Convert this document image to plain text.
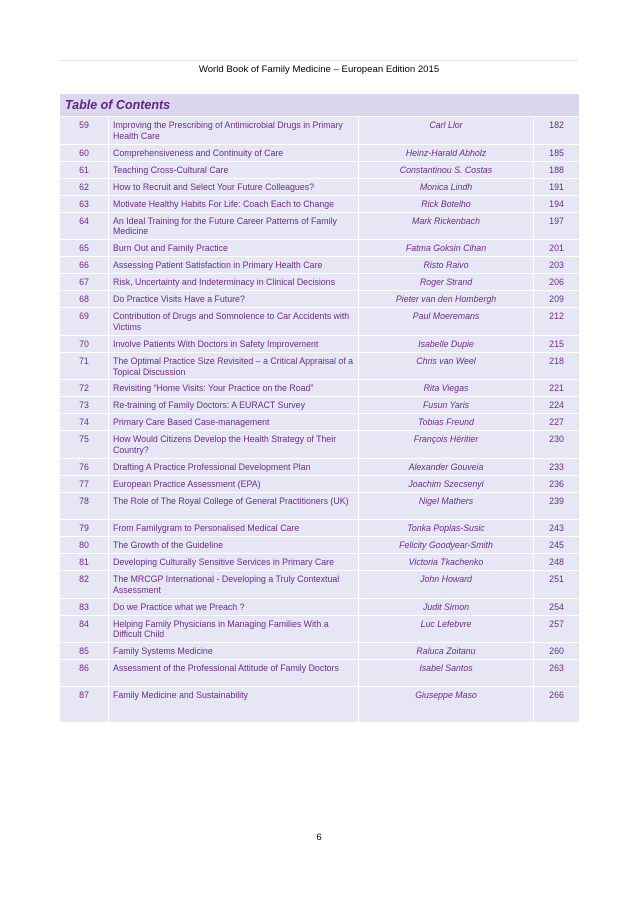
World Book of Family Medicine – European Edition 2015
Table of Contents			
59	Improving the Prescribing of Antimicrobial Drugs in Primary Health Care	Carl Llor	182
60	Comprehensiveness and Continuity of Care	Heinz-Harald Abholz	185
61	Teaching Cross-Cultural Care	Constantinou S. Costas	188
62	How to Recruit and Select Your Future Colleagues?	Monica Lindh	191
63	Motivate Healthy Habits For Life: Coach Each to Change	Rick Botelho	194
64	An Ideal Training for the Future Career Patterns of Family Medicine	Mark Rickenbach	197
65	Burn Out and Family Practice	Fatma Goksin Cihan	201
66	Assessing Patient Satisfaction in Primary Health Care	Risto Raivo	203
67	Risk, Uncertainty and Indeterminacy in Clinical Decisions	Roger Strand	206
68	Do Practice Visits Have a Future?	Pieter van den Hombergh	209
69	Contribution of Drugs and Somnolence to Car Accidents with Victims	Paul Moeremans	212
70	Involve Patients With Doctors in Safety Improvement	Isabelle Dupie	215
71	The Optimal Practice Size Revisited – a Critical Appraisal of a Topical Discussion	Chris van Weel	218
72	Revisiting “Home Visits: Your Practice on the Road”	Rita Viegas	221
73	Re-training of Family Doctors: A EURACT Survey	Fusun Yaris	224
74	Primary Care Based Case-management	Tobias Freund	227
75	How Would Citizens Develop the Health Strategy of Their Country?	François Héritier	230
76	Drafting A Practice Professional Development Plan	Alexander Gouveia	233
77	European Practice Assessment (EPA)	Joachim Szecsenyi	236
78	The Role of The Royal College of General Practitioners (UK)	Nigel Mathers	239
79	From Familygram to Personalised Medical Care	Tonka Poplas-Susic	243
80	The Growth of the Guideline	Felicity Goodyear-Smith	245
81	Developing Culturally Sensitive Services in Primary Care	Victoria Tkachenko	248
82	The MRCGP International - Developing a Truly Contextual Assessment	John Howard	251
83	Do we Practice what we Preach ?	Judit Simon	254
84	Helping Family Physicians in Managing Families With a Difficult Child	Luc Lefebvre	257
85	Family Systems Medicine	Raluca Zoitanu	260
86	Assessment of the Professional Attitude of Family Doctors	Isabel Santos	263
87	Family Medicine and Sustainability	Giuseppe Maso	266
6
